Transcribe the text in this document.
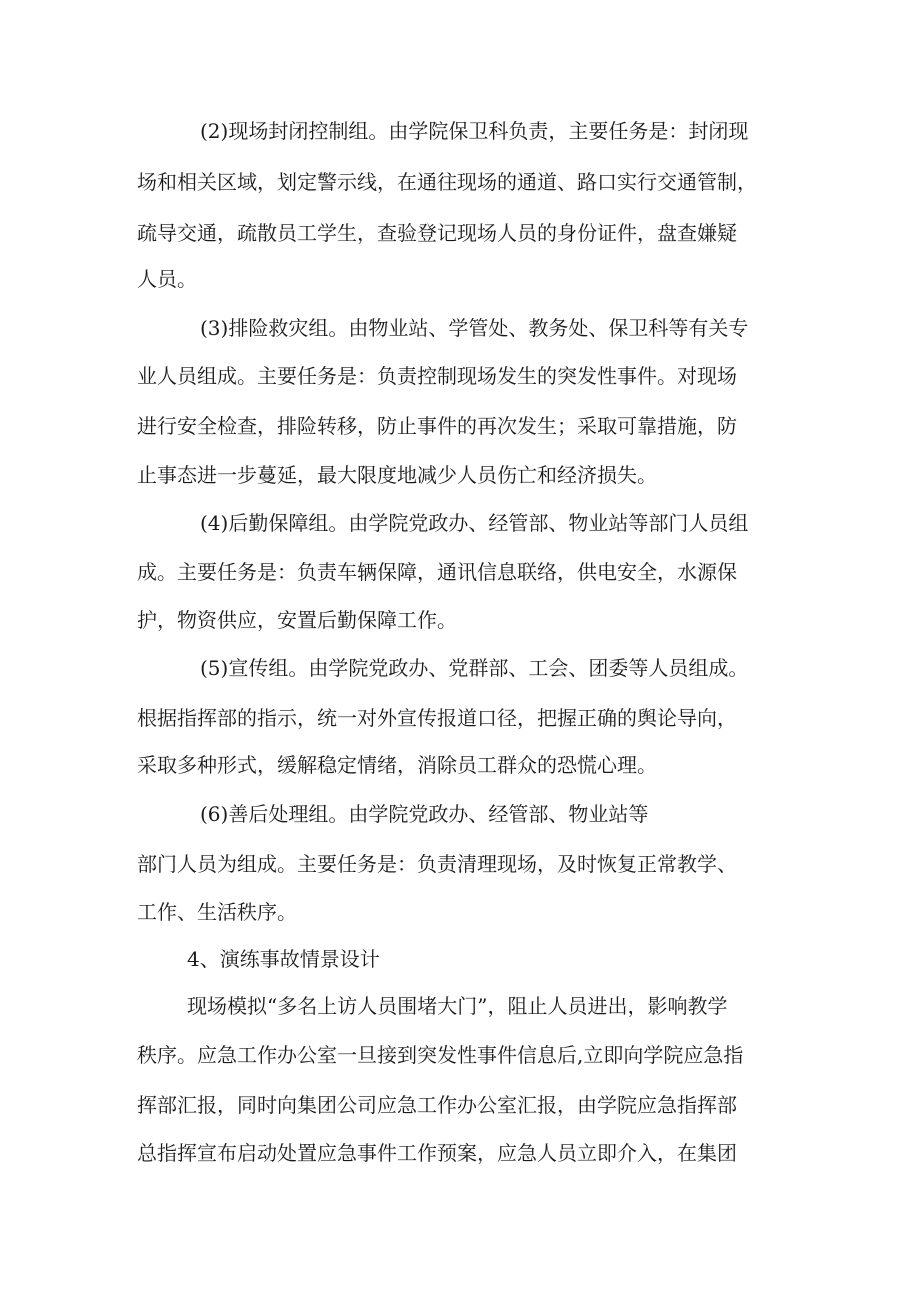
(2)现场封闭控制组。由学院保卫科负责，主要任务是：封闭现
场和相关区域，划定警示线，在通往现场的通道、路口实行交通管制，
疏导交通，疏散员工学生，查验登记现场人员的身份证件，盘查嫌疑
人员。
(3)排险救灾组。由物业站、学管处、教务处、保卫科等有关专
业人员组成。主要任务是：负责控制现场发生的突发性事件。对现场
进行安全检查，排险转移，防止事件的再次发生；采取可靠措施，防
止事态进一步蔓延，最大限度地减少人员伤亡和经济损失。
(4)后勤保障组。由学院党政办、经管部、物业站等部门人员组
成。主要任务是：负责车辆保障，通讯信息联络，供电安全，水源保
护，物资供应，安置后勤保障工作。
(5)宣传组。由学院党政办、党群部、工会、团委等人员组成。
根据指挥部的指示，统一对外宣传报道口径，把握正确的舆论导向，
采取多种形式，缓解稳定情绪，消除员工群众的恐慌心理。
(6)善后处理组。由学院党政办、经管部、物业站等
部门人员为组成。主要任务是：负责清理现场，及时恢复正常教学、
工作、生活秩序。
4、演练事故情景设计
现场模拟“多名上访人员围堵大门”，阻止人员进出，影响教学
秩序。应急工作办公室一旦接到突发性事件信息后,立即向学院应急指
挥部汇报，同时向集团公司应急工作办公室汇报，由学院应急指挥部
总指挥宣布启动处置应急事件工作预案，应急人员立即介入，在集团
